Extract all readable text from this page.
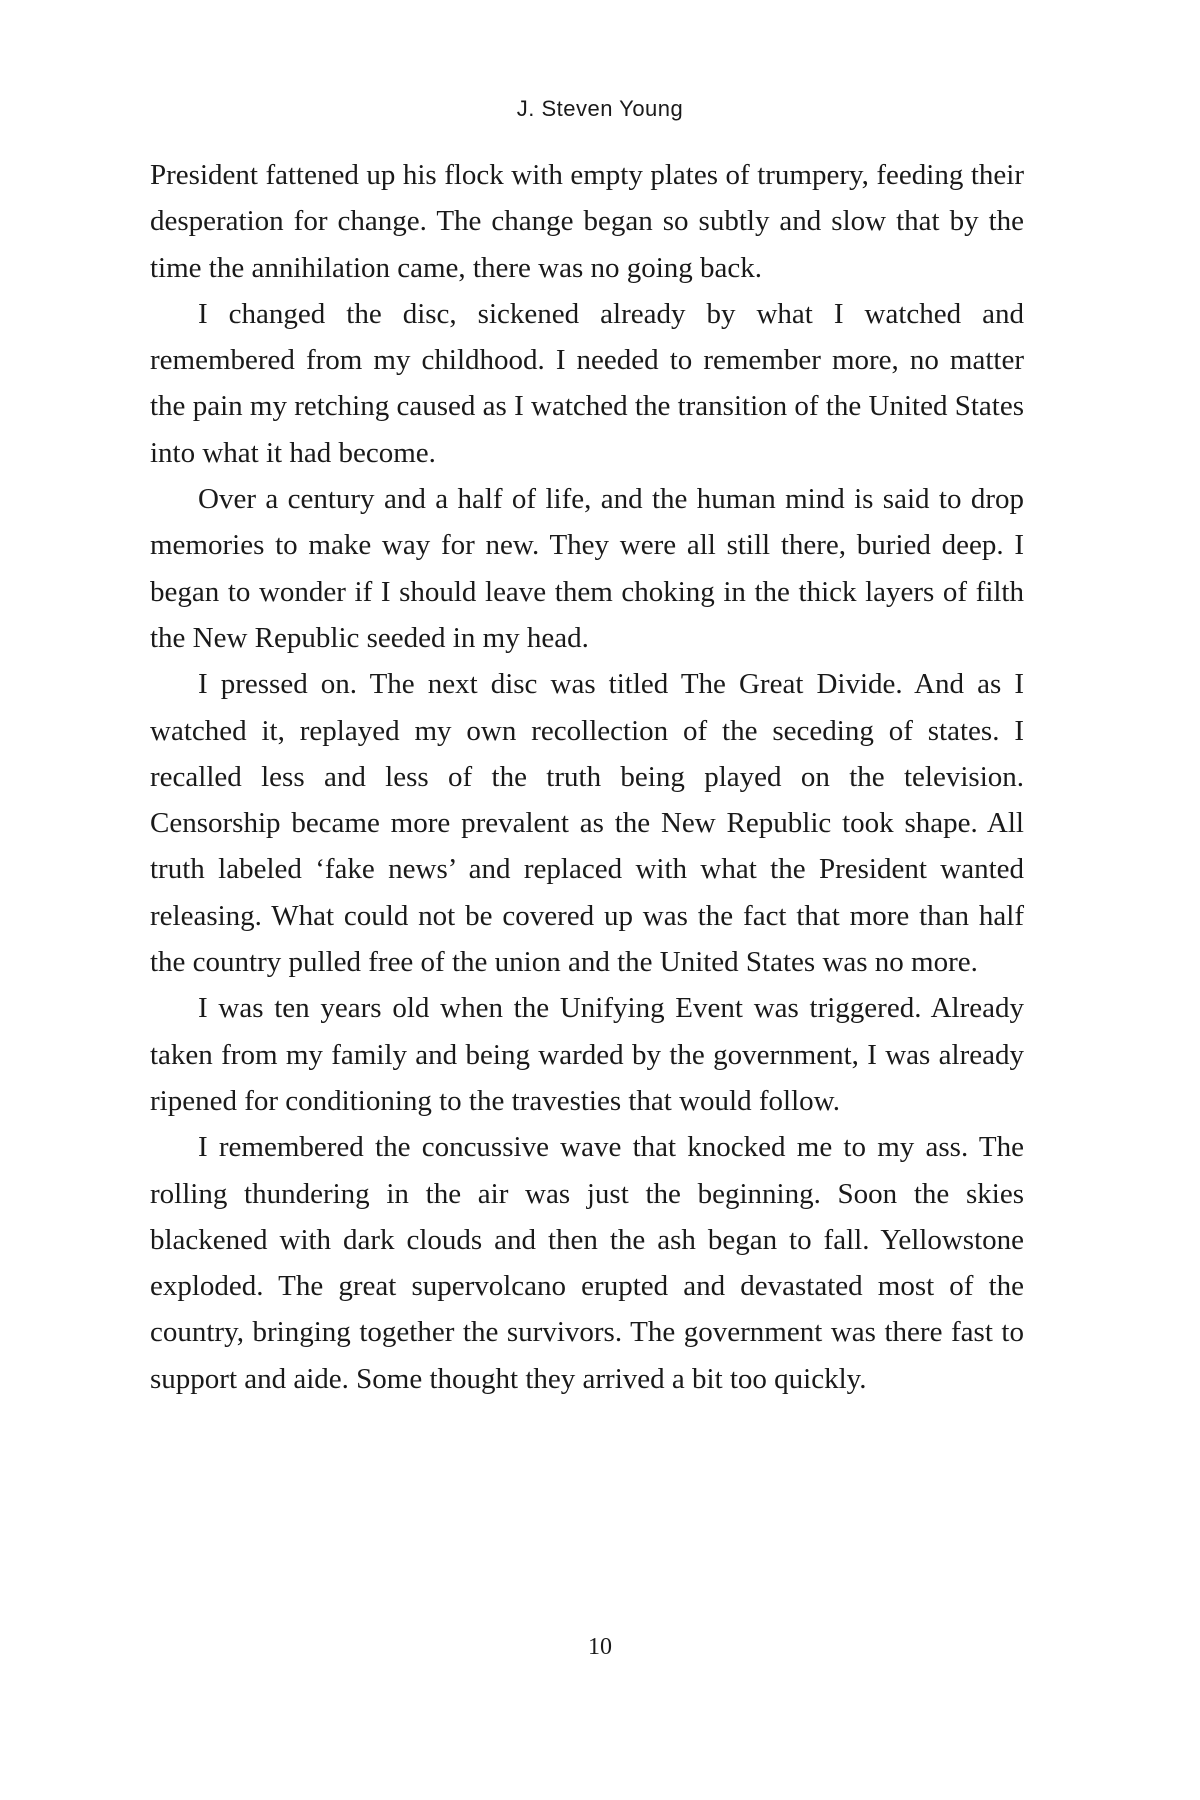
J. Steven Young

President fattened up his flock with empty plates of trumpery, feeding their desperation for change. The change began so subtly and slow that by the time the annihilation came, there was no going back.

I changed the disc, sickened already by what I watched and remembered from my childhood. I needed to remember more, no matter the pain my retching caused as I watched the transition of the United States into what it had become.

Over a century and a half of life, and the human mind is said to drop memories to make way for new. They were all still there, buried deep. I began to wonder if I should leave them choking in the thick layers of filth the New Republic seeded in my head.

I pressed on. The next disc was titled The Great Divide. And as I watched it, replayed my own recollection of the seceding of states. I recalled less and less of the truth being played on the television. Censorship became more prevalent as the New Republic took shape. All truth labeled ‘fake news’ and replaced with what the President wanted releasing. What could not be covered up was the fact that more than half the country pulled free of the union and the United States was no more.

I was ten years old when the Unifying Event was triggered. Already taken from my family and being warded by the government, I was already ripened for conditioning to the travesties that would follow.

I remembered the concussive wave that knocked me to my ass. The rolling thundering in the air was just the beginning. Soon the skies blackened with dark clouds and then the ash began to fall. Yellowstone exploded. The great supervolcano erupted and devastated most of the country, bringing together the survivors. The government was there fast to support and aide. Some thought they arrived a bit too quickly.

10
